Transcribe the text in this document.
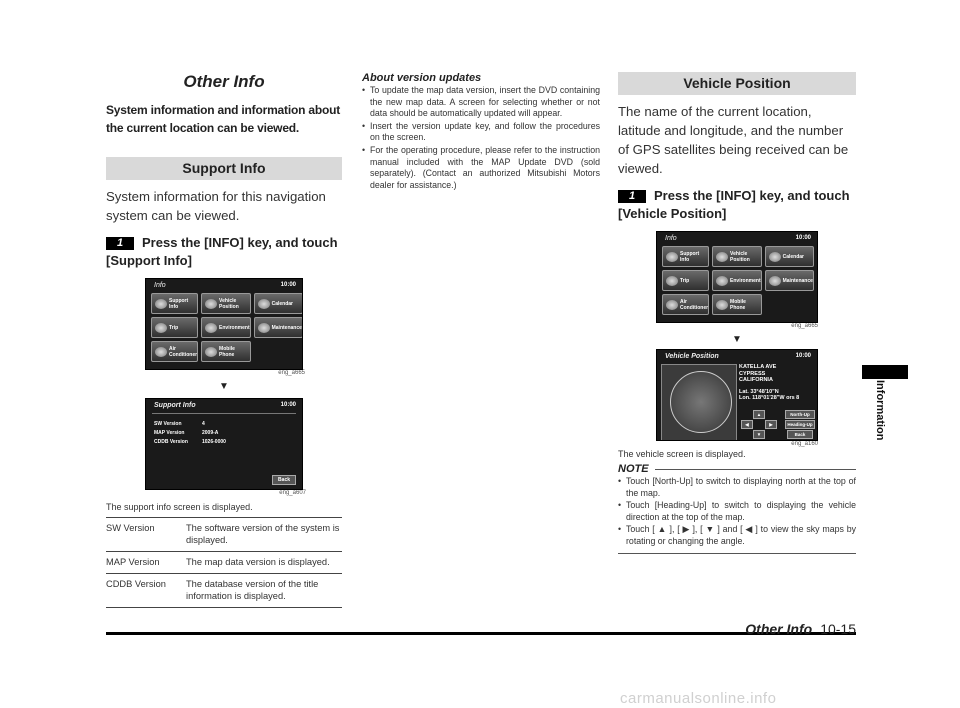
Other Info
System information and information about the current location can be viewed.
Support Info
System information for this navigation system can be viewed.
1 Press the [INFO] key, and touch [Support Info]
Info	10:00
Support Info
Vehicle Position	Calendar
Trip	Environment	Maintenance
Air Conditioner
Mobile Phone
eng_a665
▼
Support Info	10:00
SW Version	4
MAP Version	2009-A
CDDB Version	1026-0000
Back
eng_a607
The support info screen is displayed.
SW Version	The software version of the system is displayed.
MAP Version	The map data version is displayed.
CDDB Version	The database version of the title information is displayed.
About version updates
• To update the map data version, insert the DVD containing the new map data. A screen for selecting whether or not data should be automatically updated will appear.
• Insert the version update key, and follow the procedures on the screen.
• For the operating procedure, please refer to the instruction manual included with the MAP Update DVD (sold separately). (Contact an authorized Mitsubishi Motors dealer for assistance.)
Vehicle Position
The name of the current location, latitude and longitude, and the number of GPS satellites being received can be viewed.
1 Press the [INFO] key, and touch [Vehicle Position]
Info	10:00
Support Info
Vehicle Position	Calendar
Trip	Environment	Maintenance
Air Conditioner
Mobile Phone
eng_a665
▼
Vehicle Position	10:00
KATELLA AVE
CYPRESS
CALIFORNIA
Lat. 33°48'10"N
Lon. 118°01'28"W ors 8
▲	North-Up
◀	▶	Heading-Up
▼	Back
eng_a160
The vehicle screen is displayed.
NOTE
• Touch [North-Up] to switch to displaying north at the top of the map.
• Touch [Heading-Up] to switch to displaying the vehicle direction at the top of the map.
• Touch [ ▲ ], [ ▶ ], [ ▼ ] and [ ◀ ] to view the sky maps by rotating or changing the angle.
Information
Other Info 10-15
carmanualsonline.info
